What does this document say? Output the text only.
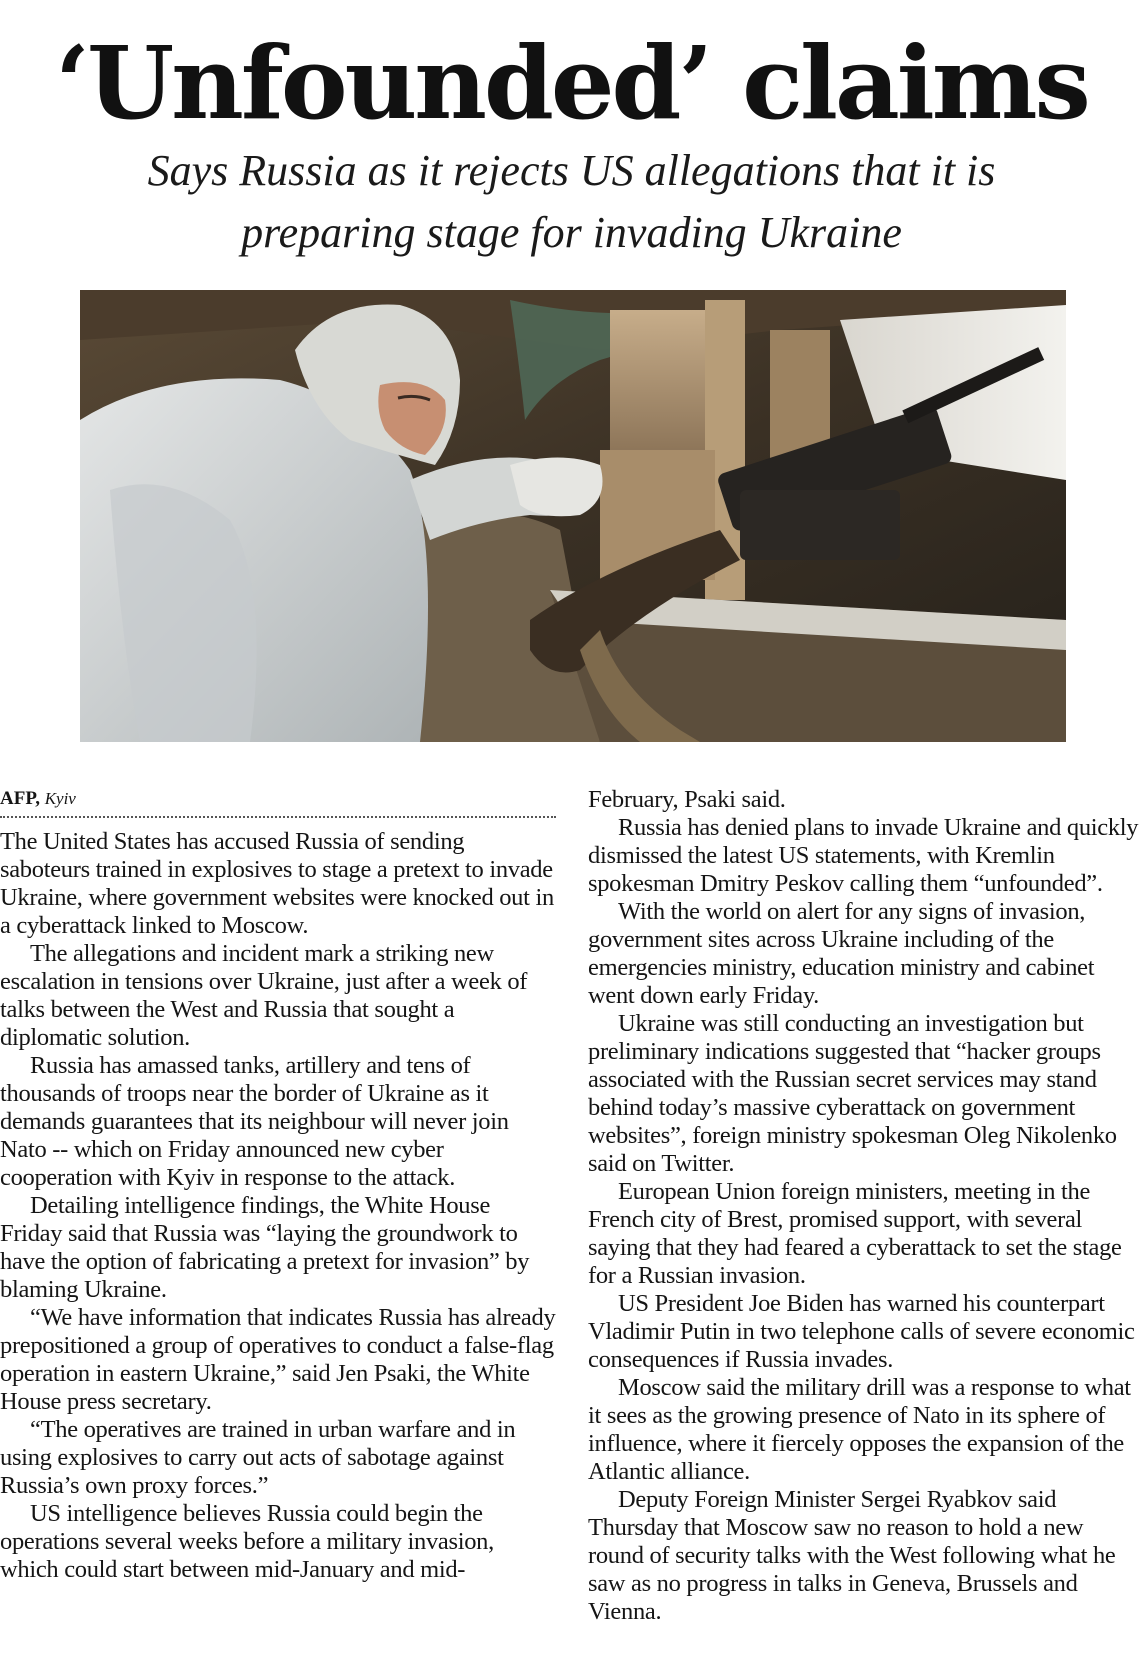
‘Unfounded’ claims

Says Russia as it rejects US allegations that it is preparing stage for invading Ukraine

AFP, Kyiv

The United States has accused Russia of sending saboteurs trained in explosives to stage a pretext to invade Ukraine, where government websites were knocked out in a cyberattack linked to Moscow.

The allegations and incident mark a striking new escalation in tensions over Ukraine, just after a week of talks between the West and Russia that sought a diplomatic solution.

Russia has amassed tanks, artillery and tens of thousands of troops near the border of Ukraine as it demands guarantees that its neighbour will never join Nato -- which on Friday announced new cyber cooperation with Kyiv in response to the attack.

Detailing intelligence findings, the White House Friday said that Russia was “laying the groundwork to have the option of fabricating a pretext for invasion” by blaming Ukraine.

“We have information that indicates Russia has already prepositioned a group of operatives to conduct a false-flag operation in eastern Ukraine,” said Jen Psaki, the White House press secretary.

“The operatives are trained in urban warfare and in using explosives to carry out acts of sabotage against Russia’s own proxy forces.”

US intelligence believes Russia could begin the operations several weeks before a military invasion, which could start between mid-January and mid-

February, Psaki said.

Russia has denied plans to invade Ukraine and quickly dismissed the latest US statements, with Kremlin spokesman Dmitry Peskov calling them “unfounded”.

With the world on alert for any signs of invasion, government sites across Ukraine including of the emergencies ministry, education ministry and cabinet went down early Friday.

Ukraine was still conducting an investigation but preliminary indications suggested that “hacker groups associated with the Russian secret services may stand behind today’s massive cyberattack on government websites”, foreign ministry spokesman Oleg Nikolenko said on Twitter.

European Union foreign ministers, meeting in the French city of Brest, promised support, with several saying that they had feared a cyberattack to set the stage for a Russian invasion.

US President Joe Biden has warned his counterpart Vladimir Putin in two telephone calls of severe economic consequences if Russia invades.

Moscow said the military drill was a response to what it sees as the growing presence of Nato in its sphere of influence, where it fiercely opposes the expansion of the Atlantic alliance.

Deputy Foreign Minister Sergei Ryabkov said Thursday that Moscow saw no reason to hold a new round of security talks with the West following what he saw as no progress in talks in Geneva, Brussels and Vienna.
